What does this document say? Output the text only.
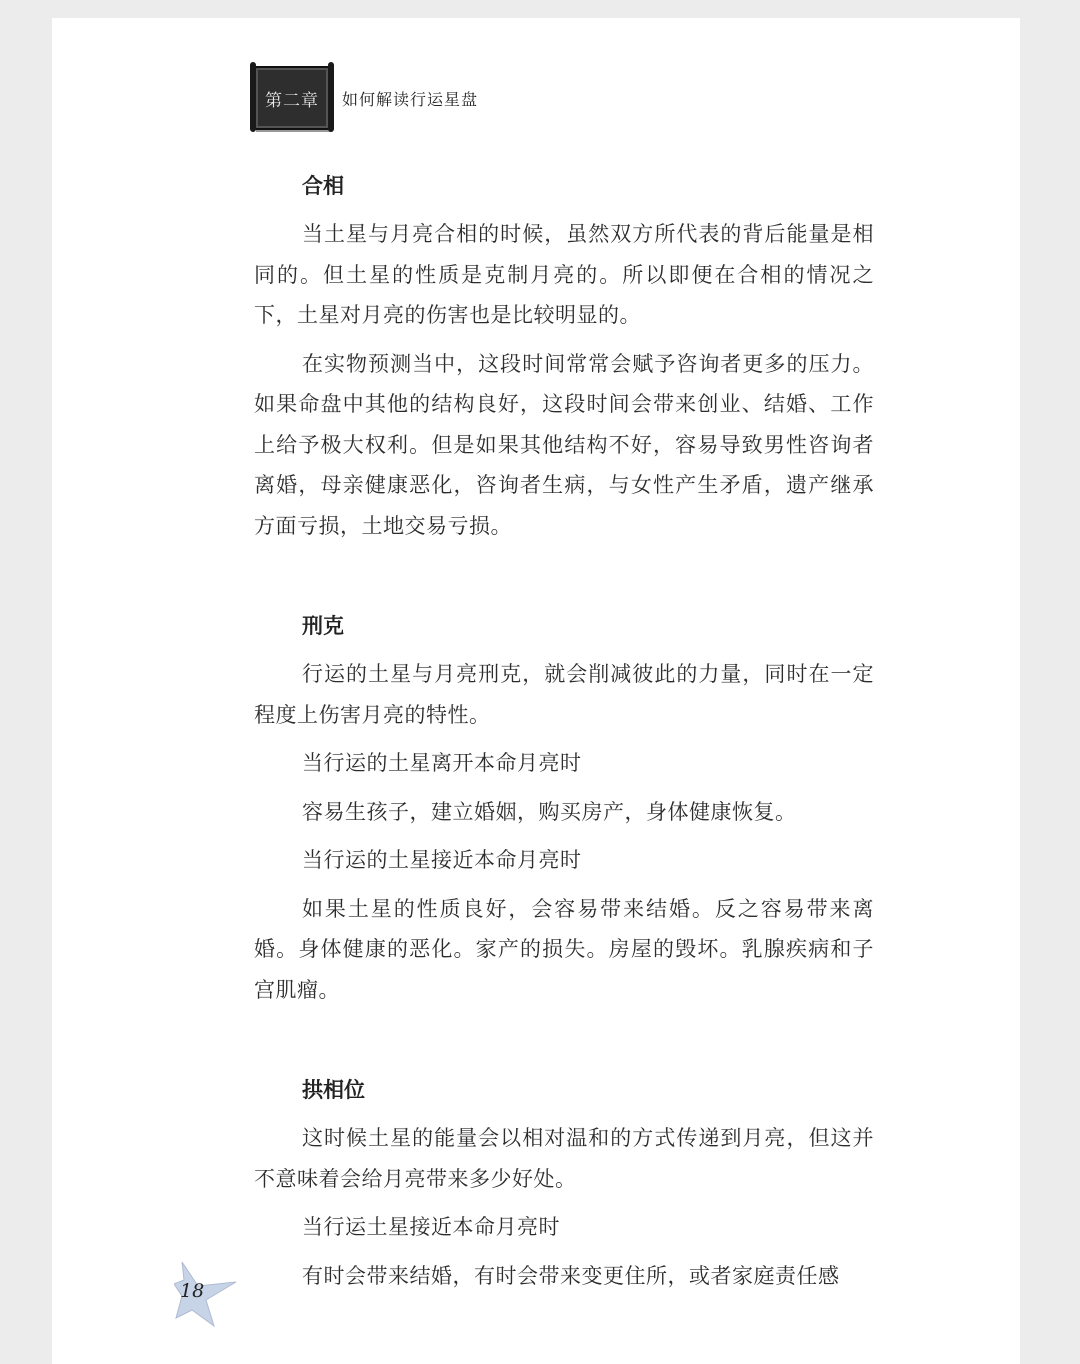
第二章 如何解读行运星盘
合相

当土星与月亮合相的时候，虽然双方所代表的背后能量是相同的。但土星的性质是克制月亮的。所以即便在合相的情况之下，土星对月亮的伤害也是比较明显的。

在实物预测当中，这段时间常常会赋予咨询者更多的压力。如果命盘中其他的结构良好，这段时间会带来创业、结婚、工作上给予极大权利。但是如果其他结构不好，容易导致男性咨询者离婚，母亲健康恶化，咨询者生病，与女性产生矛盾，遗产继承方面亏损，土地交易亏损。

刑克

行运的土星与月亮刑克，就会削减彼此的力量，同时在一定程度上伤害月亮的特性。

当行运的土星离开本命月亮时

容易生孩子，建立婚姻，购买房产，身体健康恢复。

当行运的土星接近本命月亮时

如果土星的性质良好，会容易带来结婚。反之容易带来离婚。身体健康的恶化。家产的损失。房屋的毁坏。乳腺疾病和子宫肌瘤。

拱相位

这时候土星的能量会以相对温和的方式传递到月亮，但这并不意味着会给月亮带来多少好处。

当行运土星接近本命月亮时

有时会带来结婚，有时会带来变更住所，或者家庭责任感

18
